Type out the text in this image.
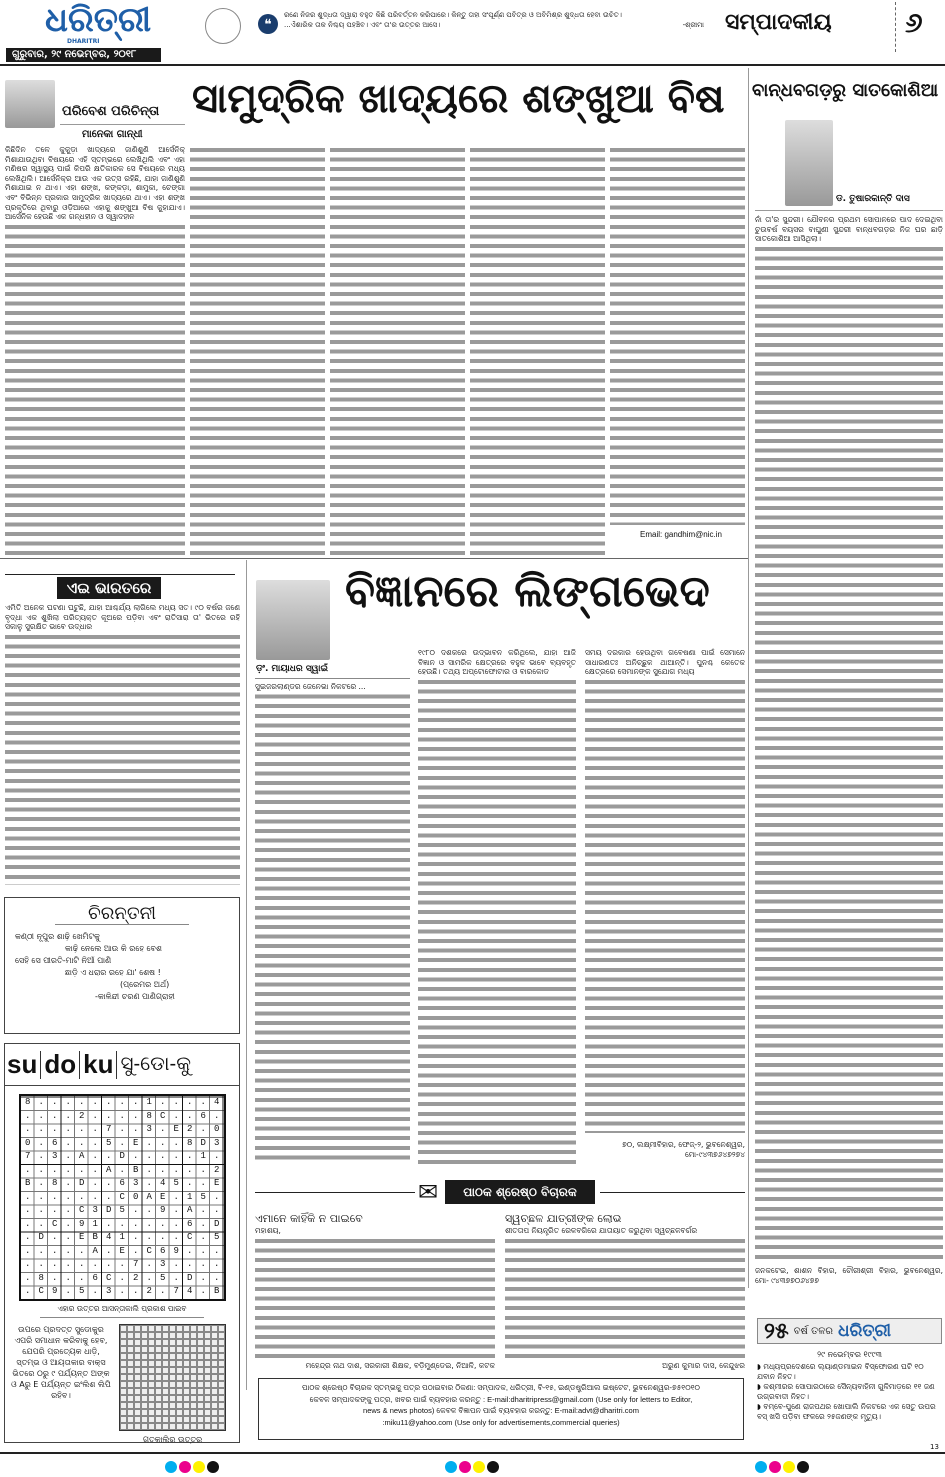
ଧରିତ୍ରୀ
DHARITRI
ଗୁରୁବାର, ୨୯ ନଭେମ୍ବର, ୨୦୧୮
❝
ରଣେ ନିଜର ଶୁଦ୍ଧତା ଦ୍ୱାରା ବହୁତ କିଛି ପରିବର୍ତ୍ତନ କରିପାରେ। କିନ୍ତୁ ତାହା ସଂପୂର୍ଣ୍ଣ ପବିତ୍ର ଓ ଅବିମିଶ୍ର ଶୁଦ୍ଧତା ହେବା ଉଚିତ।
...ଏଁଶାରିକ ତାକ ନିଶ୍ଚୟ ପହଞ୍ଚିବ। ଏବଂ ତା'ର ଉତ୍ତର ଆସେ।	-ଶ୍ରୀମା ସମ୍ପାଦକୀୟ	୬
ପରିବେଶ ପରିଚିନ୍ତା
ମାନେକା ଗାନ୍ଧୀ
ସାମୁଦ୍ରିକ ଖାଦ୍ୟରେ ଶଙ୍ଖୁଆ ବିଷ
କିଛିଦିନ ତଳେ କୁକୁଡ଼ା ଖାଦ୍ୟରେ ଜାଣିଶୁଣି ଆର୍ସେନିକ୍ ମିଶାଯାଉଥିବା ବିଷୟରେ ଏହି ସ୍ତମ୍ଭରେ ଲେଖିଥିଲି ଏବଂ ଏହା ମଣିଷର ସ୍ୱାସ୍ଥ୍ୟ ପାଇଁ କିପରି କ୍ଷତିକାରକ ସେ ବିଷୟରେ ମଧ୍ୟ ଲେଖିଥିଲି। ଆର୍ସେନିକ୍ର ଆଉ ଏକ ଉତ୍ସ ରହିଛି, ଯାହା ଜାଣିଶୁଣି ମିଶାଯାଇ ନ ଥାଏ। ଏହା ଶଙ୍ଖ, କଙ୍କଡ଼ା, ଶାମୁକା, ଚେଙ୍ଗା ଏବଂ ବିଭିନ୍ନ ପ୍ରକାର ସାମୁଦ୍ରିକ ଖାଦ୍ୟରେ ଥାଏ। ଏହା ଶଙ୍ଖ ପ୍ରକୃତିରେ ଥିବାରୁ ଓଡ଼ିଆରେ ଏହାକୁ ଶଙ୍ଖୁଆ ବିଷ କୁହାଯାଏ। ଆର୍ସେନିକ ହେଉଛି ଏକ ଗନ୍ଧହୀନ ଓ ସ୍ୱାଦହୀନ
Email: gandhim@nic.in
ବାନ୍ଧବଗଡ଼ରୁ ସାତକୋଶିଆ
ଡ. ତୁଷାରକାନ୍ତି ଦାସ
ନାଁ ତା'ର ସୁନ୍ଦରୀ। ଯୌବନର ପ୍ରଥମ ସୋପାନରେ ପାଦ ଦେଇଥିବା ଚୁଉବର୍ଷ ବୟସର ବାଘୁଣୀ ସୁନ୍ଦରୀ ବାନ୍ଧବଗଡ଼ର ନିଜ ଘର ଛାଡ଼ି ସାତକୋଶିଆ ଆସିଥିଲା।
ଜନକଟେଇ, ଶାଶନ ବିହାର, ଚୌରୀଶ୍ରୀ ବିହାର, ଭୁବନେଶ୍ୱର, ମୋ- ୯୪୩୭୭୦୬୪୭୭
୨୫ ବର୍ଷ ତଳର ଧରିତ୍ରୀ
୨୯ ନଭେମ୍ବର ୧୯୯୩
◗ ମଧ୍ୟପ୍ରଦେଶରେ ଲ୍ୟାଣ୍ଡମାଇନ ବିସ୍ଫୋରଣ ଘଟି ୧୦ ଯବାନ ନିହତ।
◗ କଶ୍ମୀରର ସୋପାରଠାରେ ସୈନ୍ୟବାହିନୀ ଗୁଳିମାଡ଼ରେ ୧୧ ଜଣ ଉଗ୍ରବାଦୀ ନିହତ।
◗ ବମ୍ବେ-ପୁଣେ ରାଜପଥର ଖୋପାଲି ନିକଟରେ ଏକ ସେତୁ ଉପର ବସ୍ ଖସି ପଡ଼ିବା ଫଳରେ ୨୫ଜଣଙ୍କ ମୃତ୍ୟୁ।
ଏଇ ଭାରତରେ
ଏମିତି ଅନେକ ଘଟଣା ଘଟୁଛି, ଯାହା ଆଶ୍ଚର୍ଯ୍ୟ ଲାଗିଲେ ମଧ୍ୟ ସତ। ୯୦ ବର୍ଷର ଜଣେ ବୃଦ୍ଧା ଏକ ଶୁଖିଲା ପରିତ୍ୟକ୍ତ କୂଅରେ ପଡ଼ିବା ଏବଂ ରାତିସାରା ତା' ଭିତରେ ରହି ସକାଳୁ ସୁରକ୍ଷିତ ଭାବେ ଉଦ୍ଧାର
ଚିରନ୍ତନୀ
କଣ୍ଠୀ ନୂପୁର ଶାଢ଼ି ଖେମିଟକୁ
କାଢ଼ି ନେଲେ ଆଉ କି ରହେ ବେଶ
ସେହି ସେ ପୀରତି-ମାଟି ନିଆଁ ପାଣି
ଛାଡ଼ି ଏ ଧରାର ରହେ ଯା' ଶେଷ !
(ପ୍ରେମର ଅର୍ଥ)
-କାଳିନ୍ଦୀ ଚରଣ ପାଣିଗ୍ରାହୀ
su do ku ସୁ-ଡୋ-କୁ
8........1....4
....2....8C..6.
......7..3.E2.0
0.6...5.E...8D3
7.3.A..D.....1.
......A.B.....2
B.8.D..63.45..E
.......C0AE.15.
....C3D5..9.A..
..C.91......6.D
.D..EB41....C.5
.....A.E.C69...
........7.3....
.8...6C.2.5.D..
.C9.5.3..2.74.B
ଏହାର ଉତ୍ତର ଆସନ୍ତାକାଲି ପ୍ରକାଶ ପାଇବ
ଉପରେ ପ୍ରଦତ୍ତ ସୁଡୋକୁର ଏପରି ସମାଧାନ କରିବାକୁ ହେବ, ଯେପରି ପ୍ରତ୍ୟେକ ଧାଡ଼ି, ସ୍ତମ୍ଭ ଓ ଆୟତାକାର ବାକ୍ସ ଭିତରେ ୦ରୁ ୯ ପର୍ଯ୍ୟନ୍ତ ଅଙ୍କ ଓ Aରୁ E ପର୍ଯ୍ୟନ୍ତ ଇଂଲିଶ ଲିପି ରହିବ।
ଗତକାଲିର ଉତ୍ତର
ବିଜ୍ଞାନରେ ଲିଙ୍ଗଭେଦ
ଡ଼ଂ. ମାୟାଧର ସ୍ୱାଇଁ
ସୁଇଜରଲାଣ୍ଡର ଜେନେଭା ନିକଟରେ ...
୧୯୮୦ ଦଶକରେ ଉଦ୍ଭାବନ କରିଥିଲେ, ଯାହା ଆଜି ବିଜ୍ଞାନ ଓ ସାମରିକ କ୍ଷେତ୍ରରେ ବହୁଳ ଭାବେ ବ୍ୟବହୃତ ହେଉଛି। ତଥ୍ୟ ଅପ୍ଟୋଫୋଟାର ଓ ବାରକୋଡ
ସମୟ ଦରକାର ହେଉଥିବା ଗବେଷଣା ପାଇଁ ସେମାନେ ସାଧାରଣତଃ ଅନିଚ୍ଛୁକ ଥାଆନ୍ତି। ପୁନଶ୍ଚ କେତେକ କ୍ଷେତ୍ରରେ ସେମାନଙ୍କ ସୁଯୋଗ ମଧ୍ୟ
୭୦, ଲକ୍ଷ୍ମୀବିହାର, ଫେଜ୍-୨, ଭୁବନେଶ୍ୱର, ମୋ-୯୪୩୭୬୪୭୨୭୪
✉	ପାଠକ ଶ୍ରେଷ୍ଠ ବିଚାରକ
ଏମାନେ କାହିଁକି ନ ପାଇବେ
ମହାଶୟ,
ମହେନ୍ଦ୍ର ନାଥ ଦାଶ, ସରକାରୀ ଶିକ୍ଷକ, ବଡ଼ିମୁଣ୍ଡେଇ, ନିଆଳି, କଟକ
ସ୍ୱଚ୍ଛଳ ଯାତ୍ରୀଙ୍କ ଲୋଭ
ଶୀତତାପ ନିୟନ୍ତ୍ରିତ ରେଳବଗିରେ ଯାତାୟାତ କରୁଥିବା ସ୍ୱଚ୍ଛଳବର୍ଗର
ଅରୁଣ କୁମାର ଦାସ, କେନ୍ଦୁଝର
ପାଠକ ଶ୍ରେଷ୍ଠ ବିଚାରକ ସ୍ତମ୍ଭକୁ ପତ୍ର ପଠାଇବାର ଠିକଣା: ସମ୍ପାଦକ, ଧରିତ୍ରୀ, ବି-୧୫, ଇଣ୍ଡଷ୍ଟ୍ରିଆଲ ଇଷ୍ଟେଟ, ଭୁବନେଶ୍ୱର-୭୫୧୦୧୦
କେବଳ ସମ୍ପାଦକଙ୍କୁ ପତ୍ର, ଖବର ପାଇଁ ବ୍ୟବହାର କରନ୍ତୁ : E-mail:dharitripress@gmail.com (Use only for letters to Editor,
news & news photos) କେବଳ ବିଜ୍ଞାପନ ପାଇଁ ବ୍ୟବହାର କରନ୍ତୁ: E-mail:advt@dharitri.com
:miku11@yahoo.com (Use only for advertisements,commercial queries)
13
